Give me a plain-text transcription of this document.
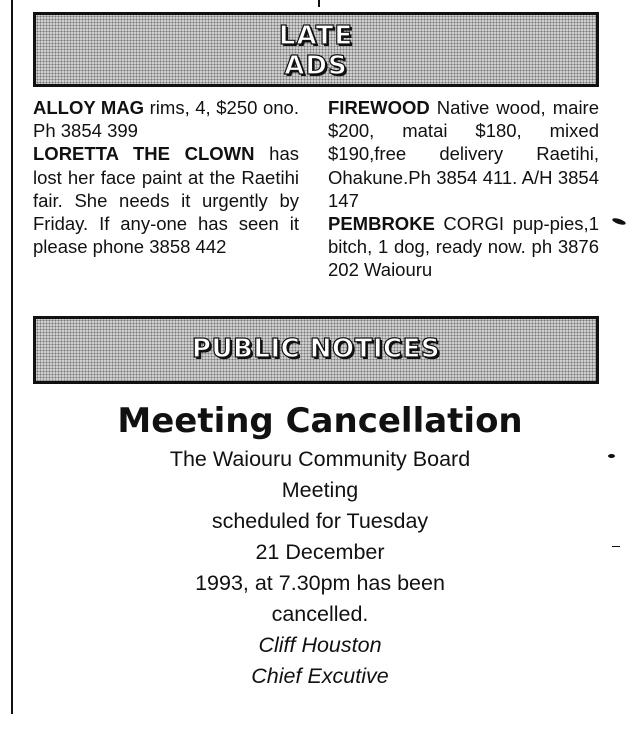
LATE
ADS

ALLOY MAG rims, 4, $250 ono. Ph 3854 399

LORETTA THE CLOWN has lost her face paint at the Raetihi fair. She needs it urgently by Friday. If any-one has seen it please phone 3858 442

FIREWOOD Native wood, maire $200, matai $180, mixed $190,free delivery Raetihi, Ohakune.Ph 3854 411. A/H 3854 147

PEMBROKE CORGI pup-pies,1 bitch, 1 dog, ready now. ph 3876 202 Waiouru

PUBLIC NOTICES
Meeting Cancellation
The Waiouru Community Board
Meeting
scheduled for Tuesday
21 December
1993, at 7.30pm has been
cancelled.
Cliff Houston
Chief Excutive
